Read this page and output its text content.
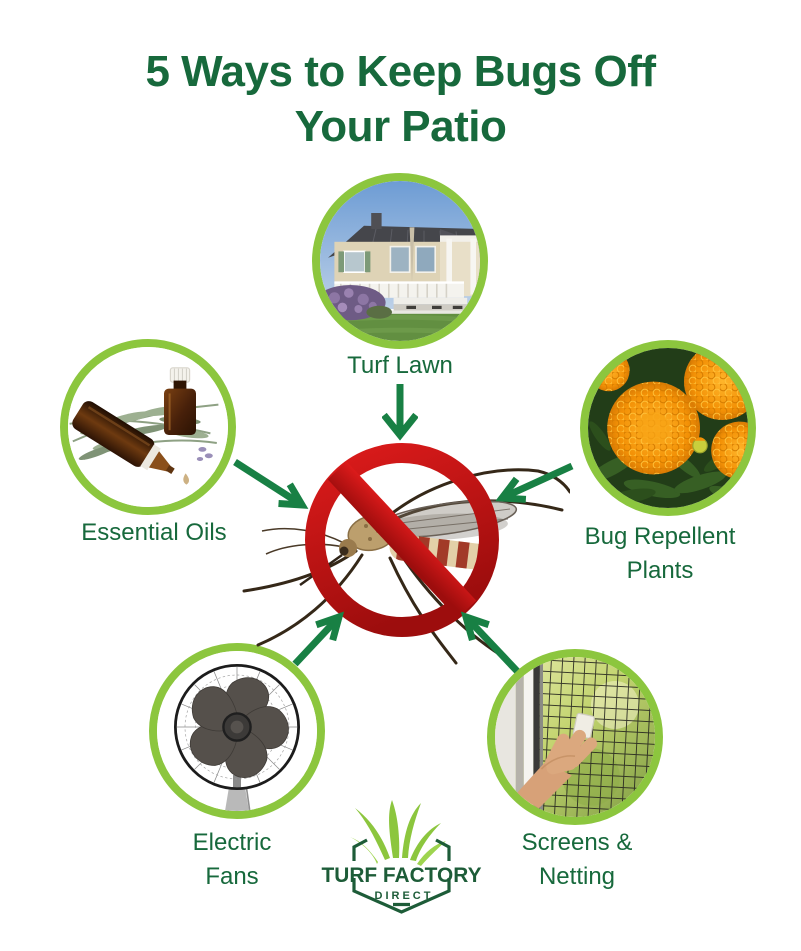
5 Ways to Keep Bugs Off
Your Patio
Turf Lawn
Essential Oils	Bug Repellent Plants
Electric Fans
Screens & Netting
TURF FACTORY
DIRECT
